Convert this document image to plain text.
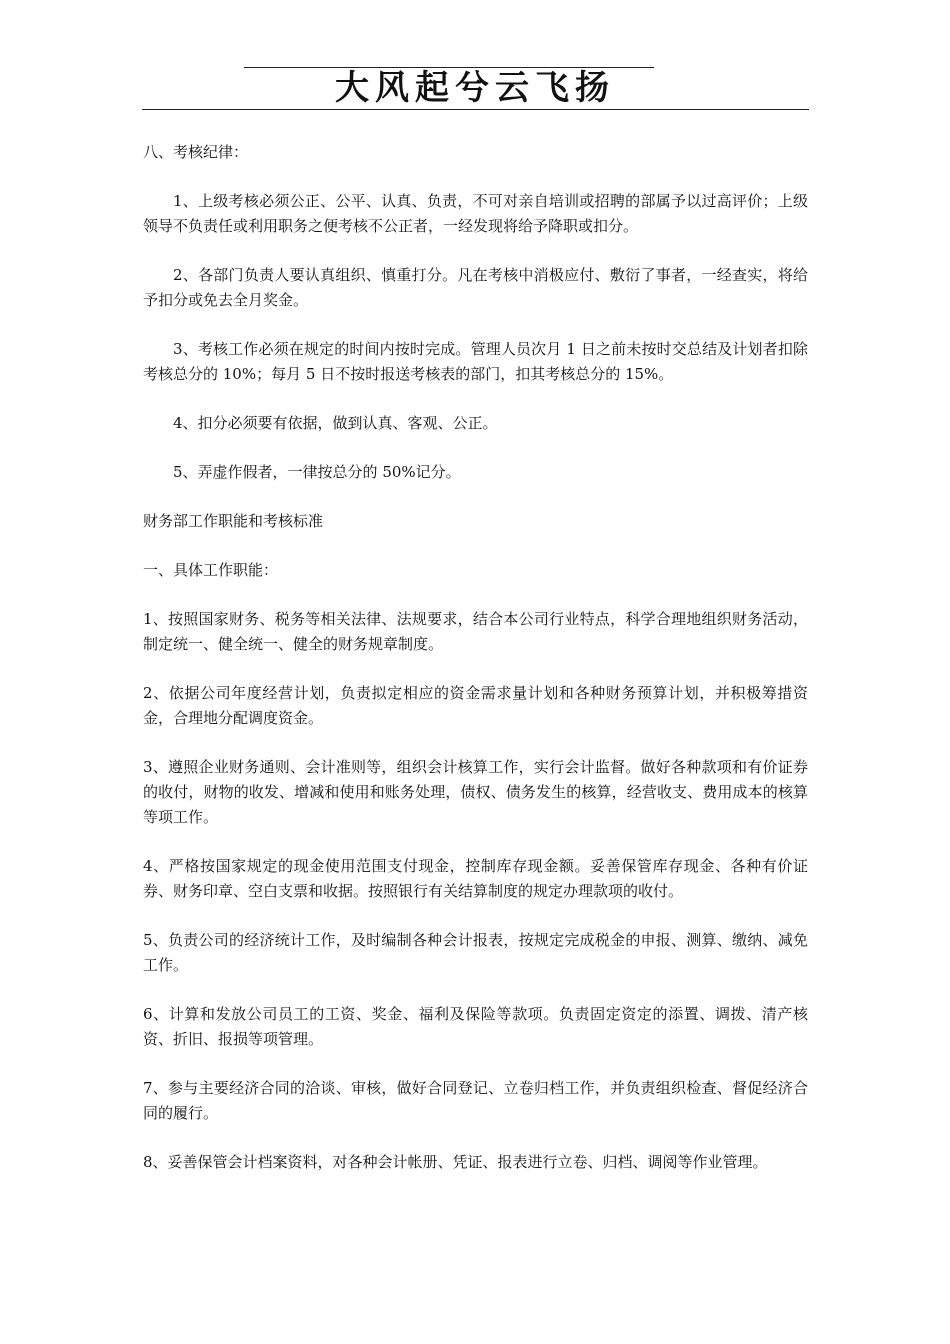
大风起兮云飞扬

八、考核纪律：

1、上级考核必须公正、公平、认真、负责，不可对亲自培训或招聘的部属予以过高评价；上级领导不负责任或利用职务之便考核不公正者，一经发现将给予降职或扣分。

2、各部门负责人要认真组织、慎重打分。凡在考核中消极应付、敷衍了事者，一经查实，将给予扣分或免去全月奖金。

3、考核工作必须在规定的时间内按时完成。管理人员次月 1 日之前未按时交总结及计划者扣除考核总分的 10%；每月 5 日不按时报送考核表的部门，扣其考核总分的 15%。

4、扣分必须要有依据，做到认真、客观、公正。

5、弄虚作假者，一律按总分的 50%记分。

财务部工作职能和考核标准

一、具体工作职能：

1、按照国家财务、税务等相关法律、法规要求，结合本公司行业特点，科学合理地组织财务活动，制定统一、健全统一、健全的财务规章制度。

2、依据公司年度经营计划，负责拟定相应的资金需求量计划和各种财务预算计划，并积极筹措资金，合理地分配调度资金。

3、遵照企业财务通则、会计准则等，组织会计核算工作，实行会计监督。做好各种款项和有价证券的收付，财物的收发、增减和使用和账务处理，债权、债务发生的核算，经营收支、费用成本的核算等项工作。

4、严格按国家规定的现金使用范围支付现金，控制库存现金额。妥善保管库存现金、各种有价证券、财务印章、空白支票和收据。按照银行有关结算制度的规定办理款项的收付。

5、负责公司的经济统计工作，及时编制各种会计报表，按规定完成税金的申报、测算、缴纳、减免工作。

6、计算和发放公司员工的工资、奖金、福利及保险等款项。负责固定资定的添置、调拨、清产核资、折旧、报损等项管理。

7、参与主要经济合同的洽谈、审核，做好合同登记、立卷归档工作，并负责组织检查、督促经济合同的履行。

8、妥善保管会计档案资料，对各种会计帐册、凭证、报表进行立卷、归档、调阅等作业管理。
